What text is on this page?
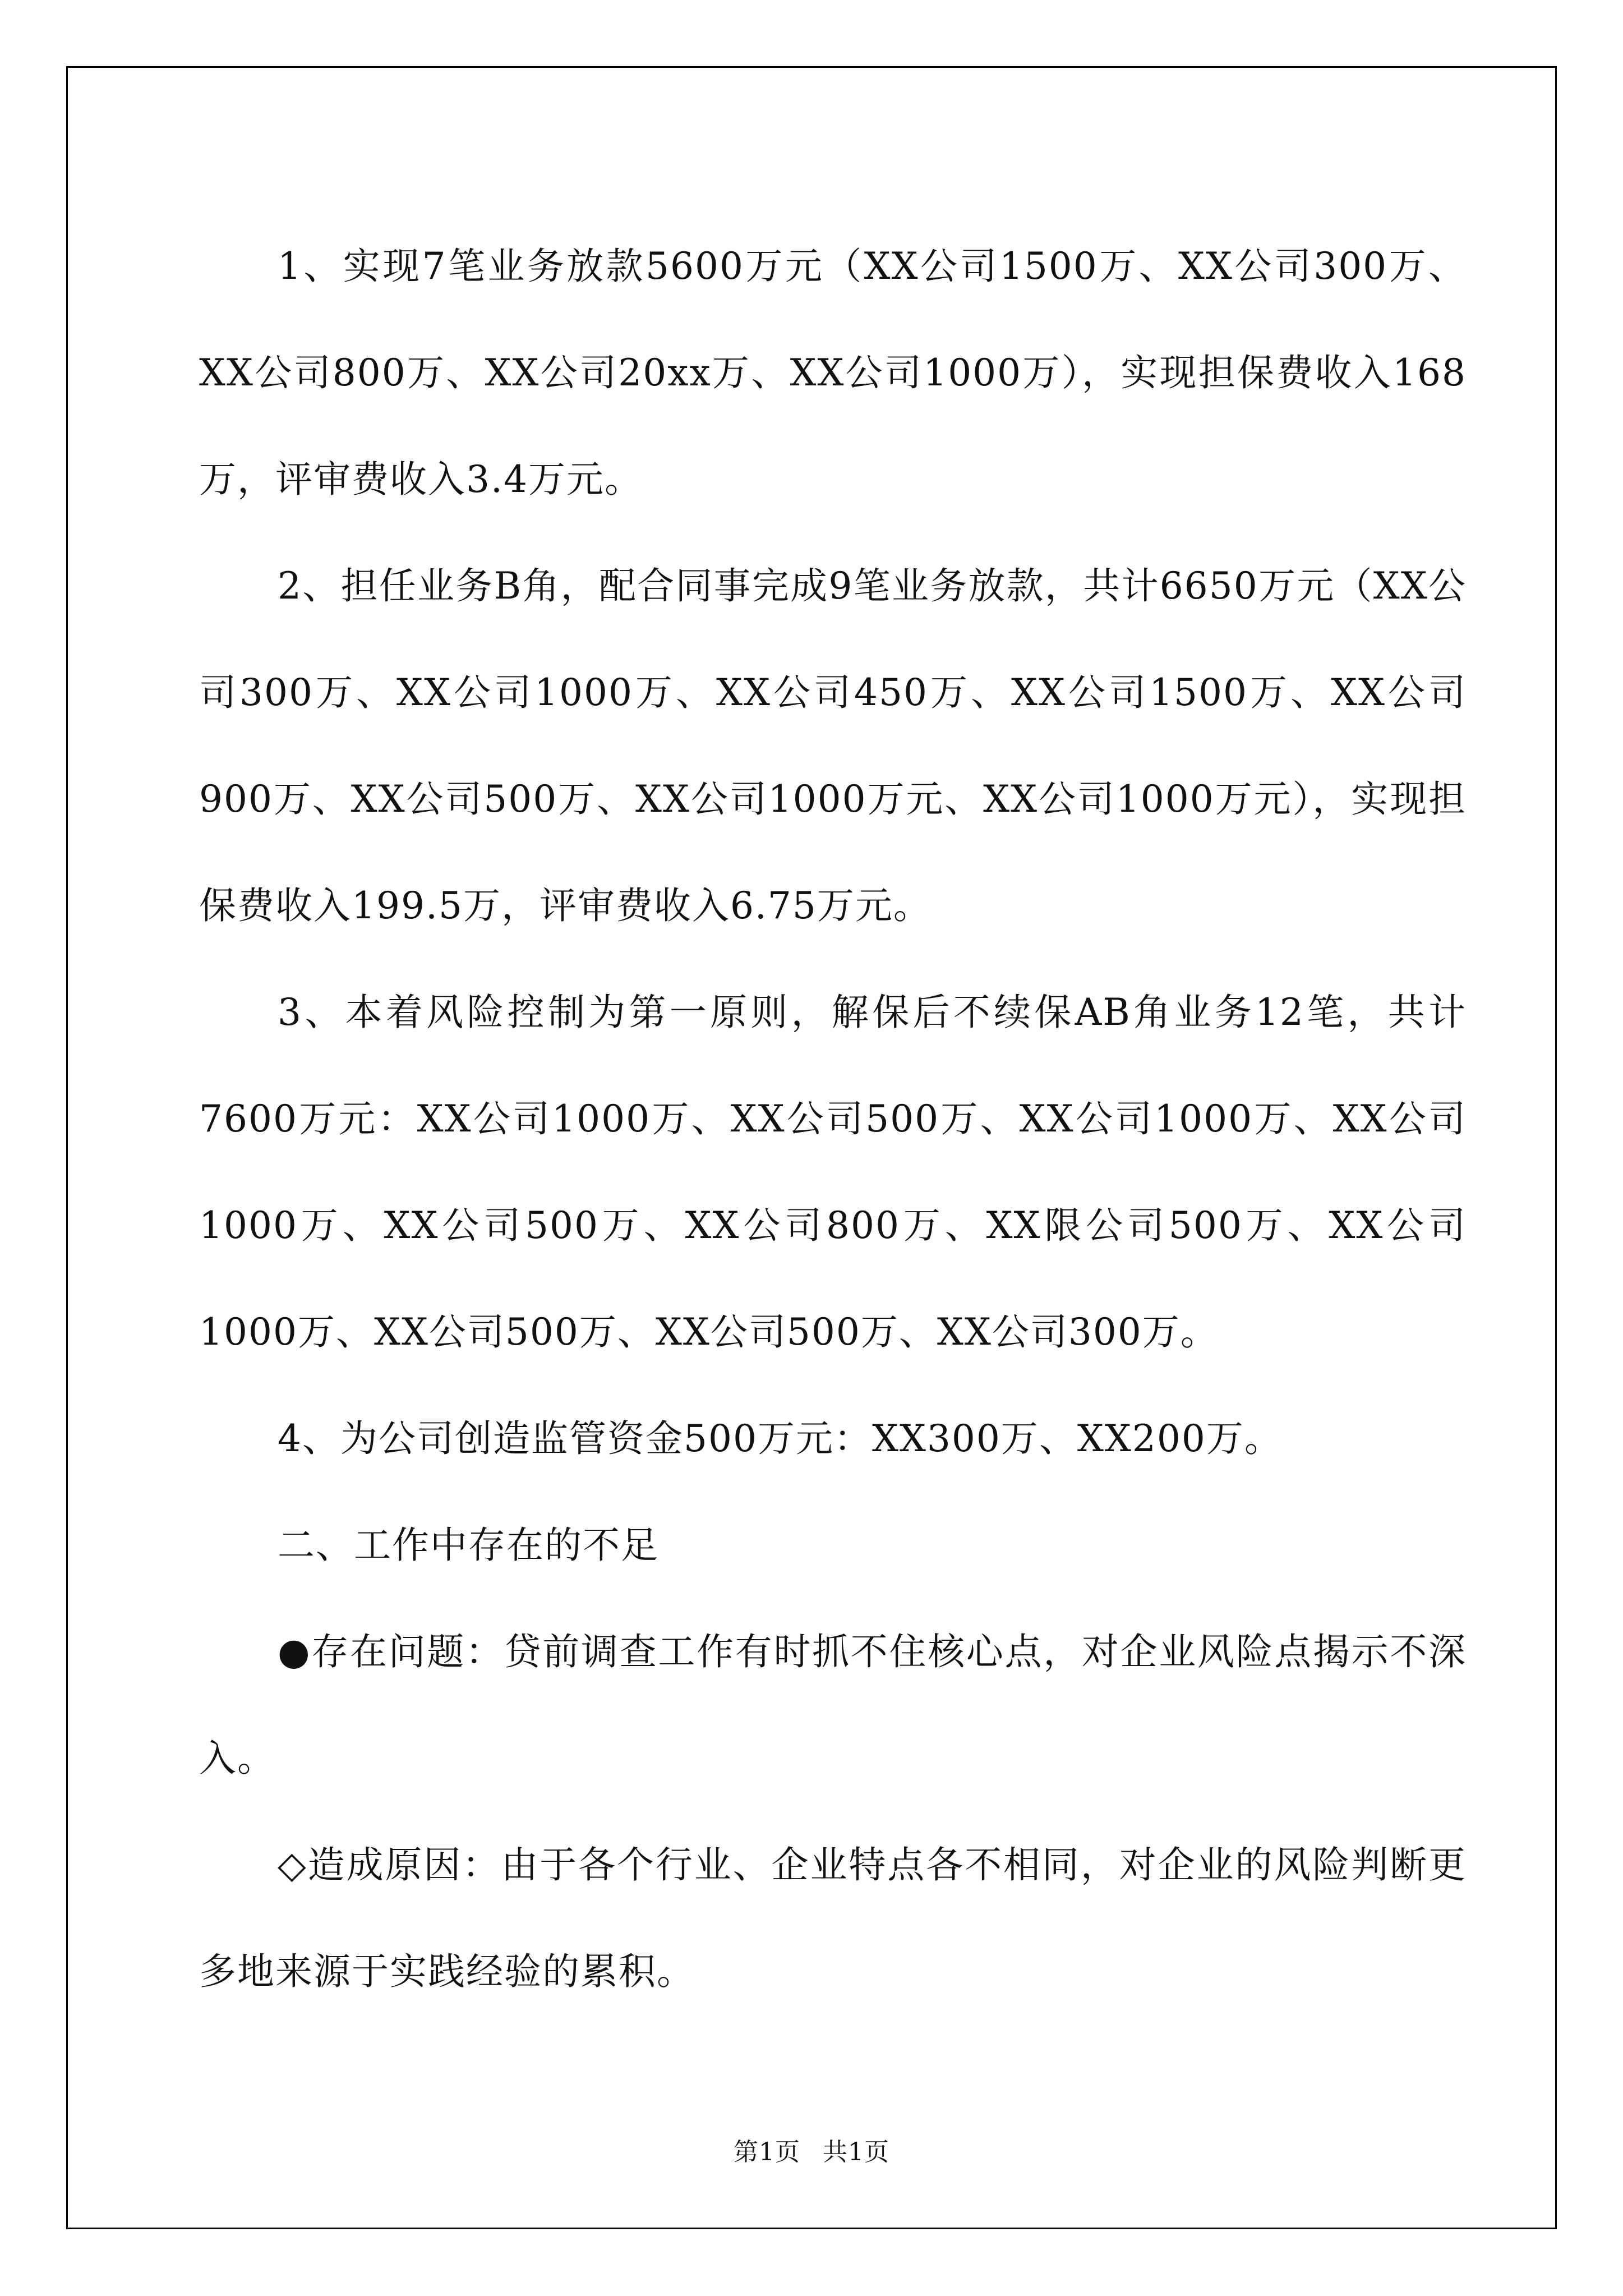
1、实现7笔业务放款5600万元（XX公司1500万、XX公司300万、XX公司800万、XX公司20xx万、XX公司1000万），实现担保费收入168万，评审费收入3.4万元。

2、担任业务B角，配合同事完成9笔业务放款，共计6650万元（XX公司300万、XX公司1000万、XX公司450万、XX公司1500万、XX公司900万、XX公司500万、XX公司1000万元、XX公司1000万元），实现担保费收入199.5万，评审费收入6.75万元。

3、本着风险控制为第一原则，解保后不续保AB角业务12笔，共计7600万元：XX公司1000万、XX公司500万、XX公司1000万、XX公司1000万、XX公司500万、XX公司800万、XX限公司500万、XX公司1000万、XX公司500万、XX公司500万、XX公司300万。

4、为公司创造监管资金500万元：XX300万、XX200万。

二、工作中存在的不足

●存在问题：贷前调查工作有时抓不住核心点，对企业风险点揭示不深入。

◇造成原因：由于各个行业、企业特点各不相同，对企业的风险判断更多地来源于实践经验的累积。

第1页 共1页
